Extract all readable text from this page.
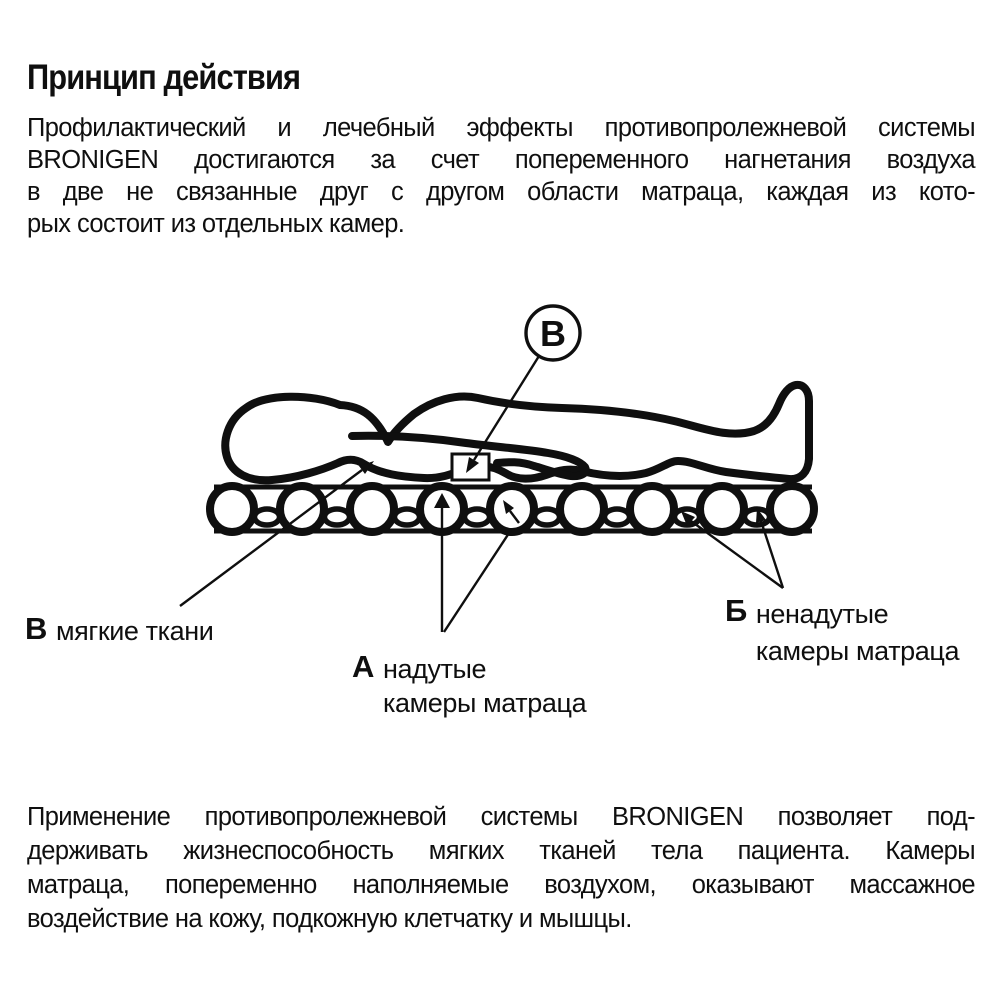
Принцип действия
Профилактический и лечебный эффекты противопролежневой системы
BRONIGEN достигаются за счет попеременного нагнетания воздуха
в две не связанные друг с другом области матраца, каждая из кото-
рых состоит из отдельных камер.
В
В мягкие ткани
А надутые
камеры матраца
Б ненадутые
камеры матраца
Применение противопролежневой системы BRONIGEN позволяет под-
держивать жизнеспособность мягких тканей тела пациента. Камеры
матраца, попеременно наполняемые воздухом, оказывают массажное
воздействие на кожу, подкожную клетчатку и мышцы.
